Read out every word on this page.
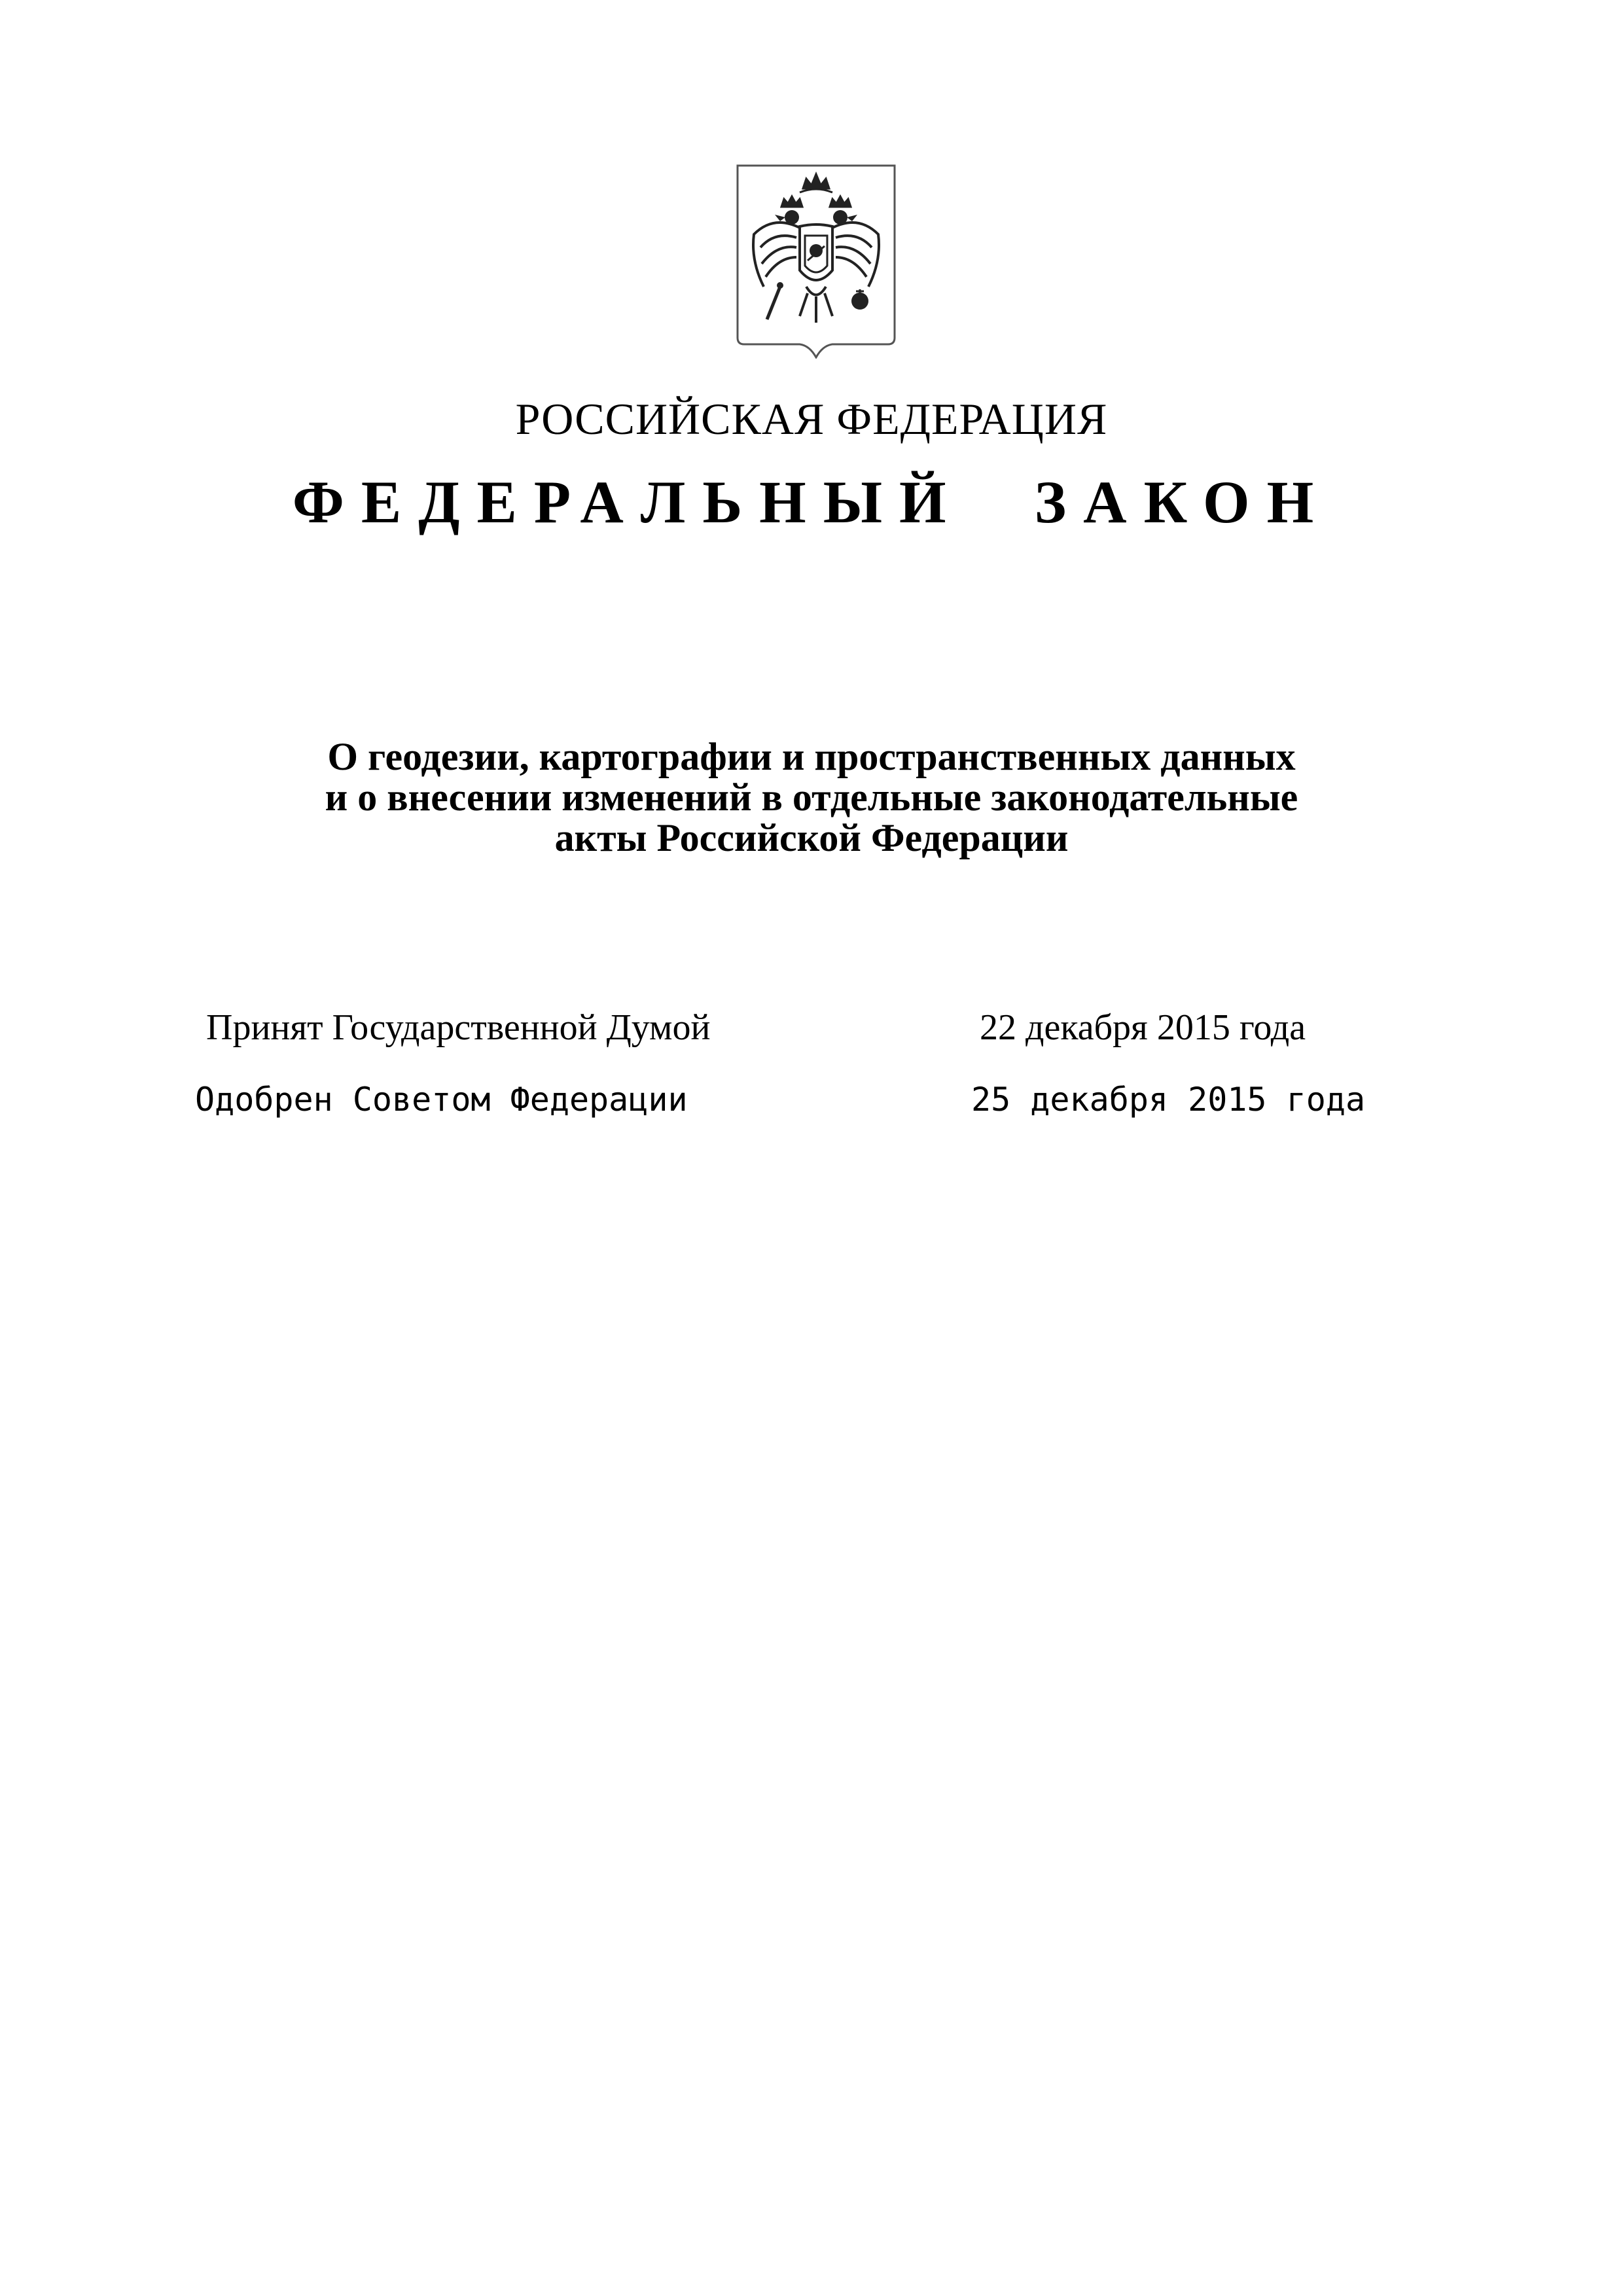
РОССИЙСКАЯ ФЕДЕРАЦИЯ
ФЕДЕРАЛЬНЫЙ ЗАКОН
О геодезии, картографии и пространственных данных
и о внесении изменений в отдельные законодательные
акты Российской Федерации
Принят Государственной Думой	22 декабря 2015 года
Одобрен Советом Федерации	25 декабря 2015 года
